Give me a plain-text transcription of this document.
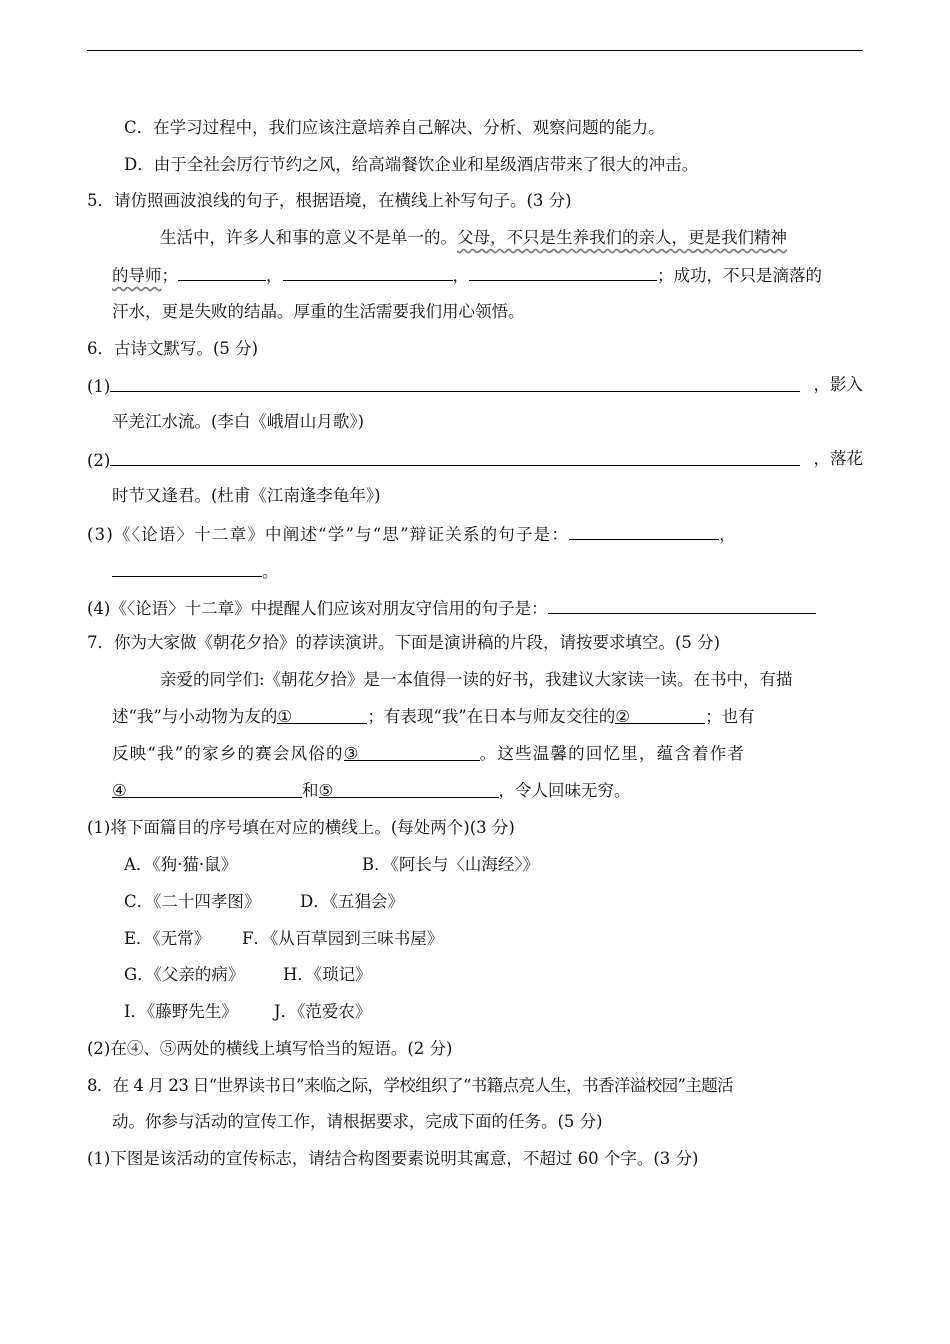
C．在学习过程中，我们应该注意培养自己解决、分析、观察问题的能力。
D．由于全社会厉行节约之风，给高端餐饮企业和星级酒店带来了很大的冲击。
5．请仿照画波浪线的句子，根据语境，在横线上补写句子。(3 分)
生活中，许多人和事的意义不是单一的。父母，不只是生养我们的亲人，更是我们精神
的导师；	，	，	；成功，不只是滴落的
汗水，更是失败的结晶。厚重的生活需要我们用心领悟。
6．古诗文默写。(5 分)
(1)	，影入
平羌江水流。(李白《峨眉山月歌》)
(2)	，落花
时节又逢君。(杜甫《江南逢李龟年》)
(3)《〈论语〉十二章》中阐述“学”与“思”辩证关系的句子是：	，
。
(4)《〈论语〉十二章》中提醒人们应该对朋友守信用的句子是：
7．你为大家做《朝花夕拾》的荐读演讲。下面是演讲稿的片段，请按要求填空。(5 分)
亲爱的同学们:《朝花夕拾》是一本值得一读的好书，我建议大家读一读。在书中，有描
述“我”与小动物为友的①	；有表现“我”在日本与师友交往的②	；也有
反映“我”的家乡的赛会风俗的③	。这些温馨的回忆里，蕴含着作者
④	和⑤	，令人回味无穷。
(1)将下面篇目的序号填在对应的横线上。(每处两个)(3 分)
A．《狗·猫·鼠》	B．《阿长与〈山海经〉》
C．《二十四孝图》 D．《五猖会》
E．《无常》 F．《从百草园到三味书屋》
G．《父亲的病》 H．《琐记》
I．《藤野先生》 J．《范爱农》
(2)在④、⑤两处的横线上填写恰当的短语。(2 分)
8．在 4 月 23 日“世界读书日”来临之际，学校组织了“书籍点亮人生，书香洋溢校园”主题活
动。你参与活动的宣传工作，请根据要求，完成下面的任务。(5 分)
(1)下图是该活动的宣传标志，请结合构图要素说明其寓意，不超过 60 个字。(3 分)
